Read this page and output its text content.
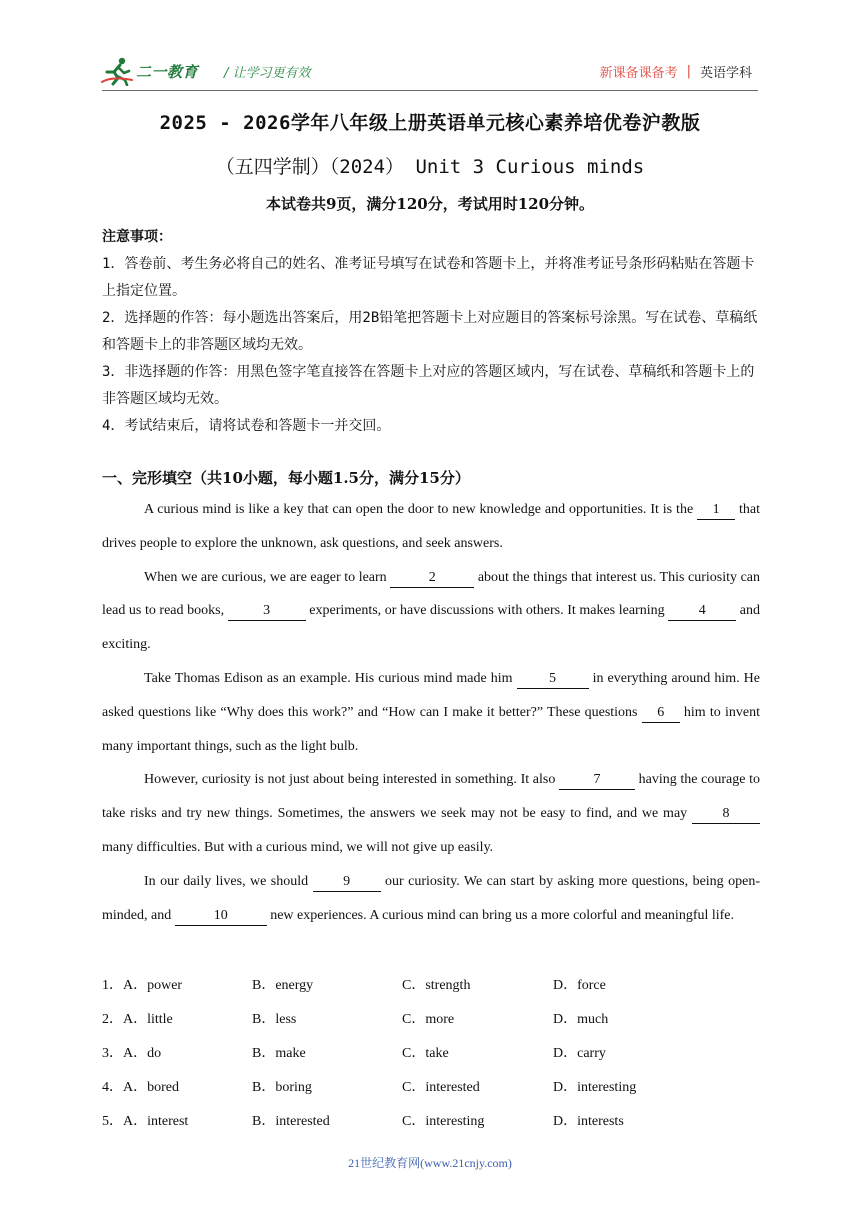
二一教育 / 让学习更有效	新课备课备考 | 英语学科
2025 - 2026学年八年级上册英语单元核心素养培优卷沪教版
（五四学制）（2024） Unit 3 Curious minds
本试卷共9页，满分120分，考试用时120分钟。

注意事项：

1．答卷前、考生务必将自己的姓名、准考证号填写在试卷和答题卡上，并将准考证号条形码粘贴在答题卡上指定位置。

2．选择题的作答：每小题选出答案后，用2B铅笔把答题卡上对应题目的答案标号涂黑。写在试卷、草稿纸和答题卡上的非答题区域均无效。

3．非选择题的作答：用黑色签字笔直接答在答题卡上对应的答题区域内，写在试卷、草稿纸和答题卡上的非答题区域均无效。

4．考试结束后，请将试卷和答题卡一并交回。

一、完形填空（共10小题，每小题1.5分，满分15分）

A curious mind is like a key that can open the door to new knowledge and opportunities. It is the 1 that drives people to explore the unknown, ask questions, and seek answers.

When we are curious, we are eager to learn	2	about the things that interest us. This curiosity can lead us to read books,	3	experiments, or have discussions with others. It makes learning 4 and exciting.

Take Thomas Edison as an example. His curious mind made him 5 in everything around him. He asked questions like “Why does this work?” and “How can I make it better?” These questions 6 him to invent many important things, such as the light bulb.

However, curiosity is not just about being interested in something. It also 7 having the courage to take risks and try new things. Sometimes, the answers we seek may not be easy to find, and we may 8 many difficulties. But with a curious mind, we will not give up easily.

In our daily lives, we should 9 our curiosity. We can start by asking more questions, being open-minded, and	10	new experiences. A curious mind can bring us a more colorful and meaningful life.

1．A．power	B．energy	C．strength	D．force
2．A．little	B．less	C．more	D．much
3．A．do	B．make	C．take	D．carry
4．A．bored	B．boring	C．interested	D．interesting
5．A．interest	B．interested	C．interesting	D．interests
21世纪教育网(www.21cnjy.com)
